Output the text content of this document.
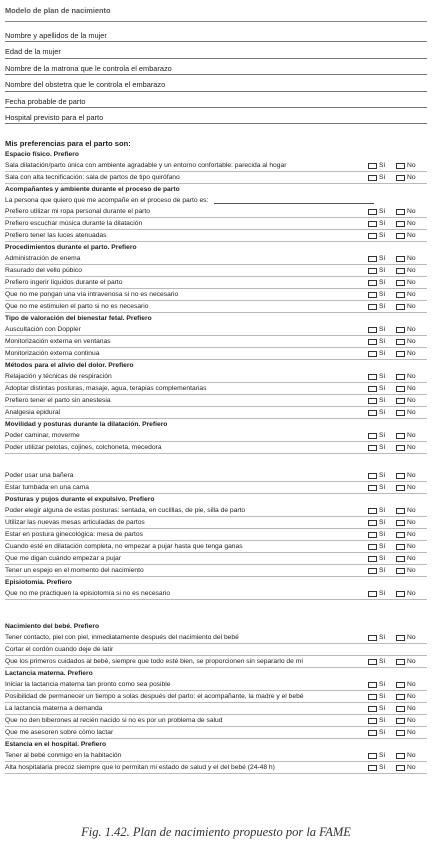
Modelo de plan de nacimiento
Nombre y apellidos de la mujer
Edad de la mujer
Nombre de la matrona que le controla el embarazo
Nombre del obstetra que le controla el embarazo
Fecha probable de parto
Hospital previsto para el parto
Mis preferencias para el parto son:
Espacio físico. Prefiero
Sala dilatación/parto única con ambiente agradable y un entorno confortable: parecida al hogar	Sí	No
Sala con alta tecnificación: sala de partos de tipo quirófano	Sí	No
Acompañantes y ambiente durante el proceso de parto
La persona que quiero que me acompañe en el proceso de parto es:
Prefiero utilizar mi ropa personal durante el parto	Sí	No
Prefiero escuchar música durante la dilatación	Sí	No
Prefiero tener las luces atenuadas	Sí	No
Procedimientos durante el parto. Prefiero
Administración de enema	Sí	No
Rasurado del vello púbico	Sí	No
Prefiero ingerir líquidos durante el parto	Sí	No
Que no me pongan una vía intravenosa si no es necesario	Sí	No
Que no me estimulen el parto si no es necesario	Sí	No
Tipo de valoración del bienestar fetal. Prefiero
Auscultación con Doppler	Sí	No
Monitorización externa en ventanas	Sí	No
Monitorización externa continua	Sí	No
Métodos para el alivio del dolor. Prefiero
Relajación y técnicas de respiración	Sí	No
Adoptar distintas posturas, masaje, agua, terapias complementarias	Sí	No
Prefiero tener el parto sin anestesia	Sí	No
Analgesia epidural	Sí	No
Movilidad y posturas durante la dilatación. Prefiero
Poder caminar, moverme	Sí	No
Poder utilizar pelotas, cojines, colchoneta, mecedora	Sí	No
Poder usar una bañera	Sí	No
Estar tumbada en una cama	Sí	No
Posturas y pujos durante el expulsivo. Prefiero
Poder elegir alguna de estas posturas: sentada, en cuclillas, de pie, silla de parto	Sí	No
Utilizar las nuevas mesas articuladas de partos	Sí	No
Estar en postura ginecológica: mesa de partos	Sí	No
Cuando esté en dilatación completa, no empezar a pujar hasta que tenga ganas	Sí	No
Que me digan cuándo empezar a pujar	Sí	No
Tener un espejo en el momento del nacimiento	Sí	No
Episiotomía. Prefiero
Que no me practiquen la episiotomía si no es necesario	Sí	No
Nacimiento del bebé. Prefiero
Tener contacto, piel con piel, inmediatamente después del nacimiento del bebé	Sí	No
Cortar el cordón cuando deje de latir
Que los primeros cuidados al bebé, siempre que todo esté bien, se proporcionen sin separarlo de mí	Sí	No
Lactancia materna. Prefiero
Iniciar la lactancia materna tan pronto como sea posible	Sí	No
Posibilidad de permanecer un tiempo a solas después del parto: el acompañante, la madre y el bebé	Sí	No
La lactancia materna a demanda	Sí	No
Que no den biberones al recién nacido si no es por un problema de salud	Sí	No
Que me asesoren sobre cómo lactar	Sí	No
Estancia en el hospital. Prefiero
Tener al bebé conmigo en la habitación	Sí	No
Alta hospitalaria precoz siempre que lo permitan mi estado de salud y el del bebé (24-48 h)	Sí	No
Fig. 1.42. Plan de nacimiento propuesto por la FAME
